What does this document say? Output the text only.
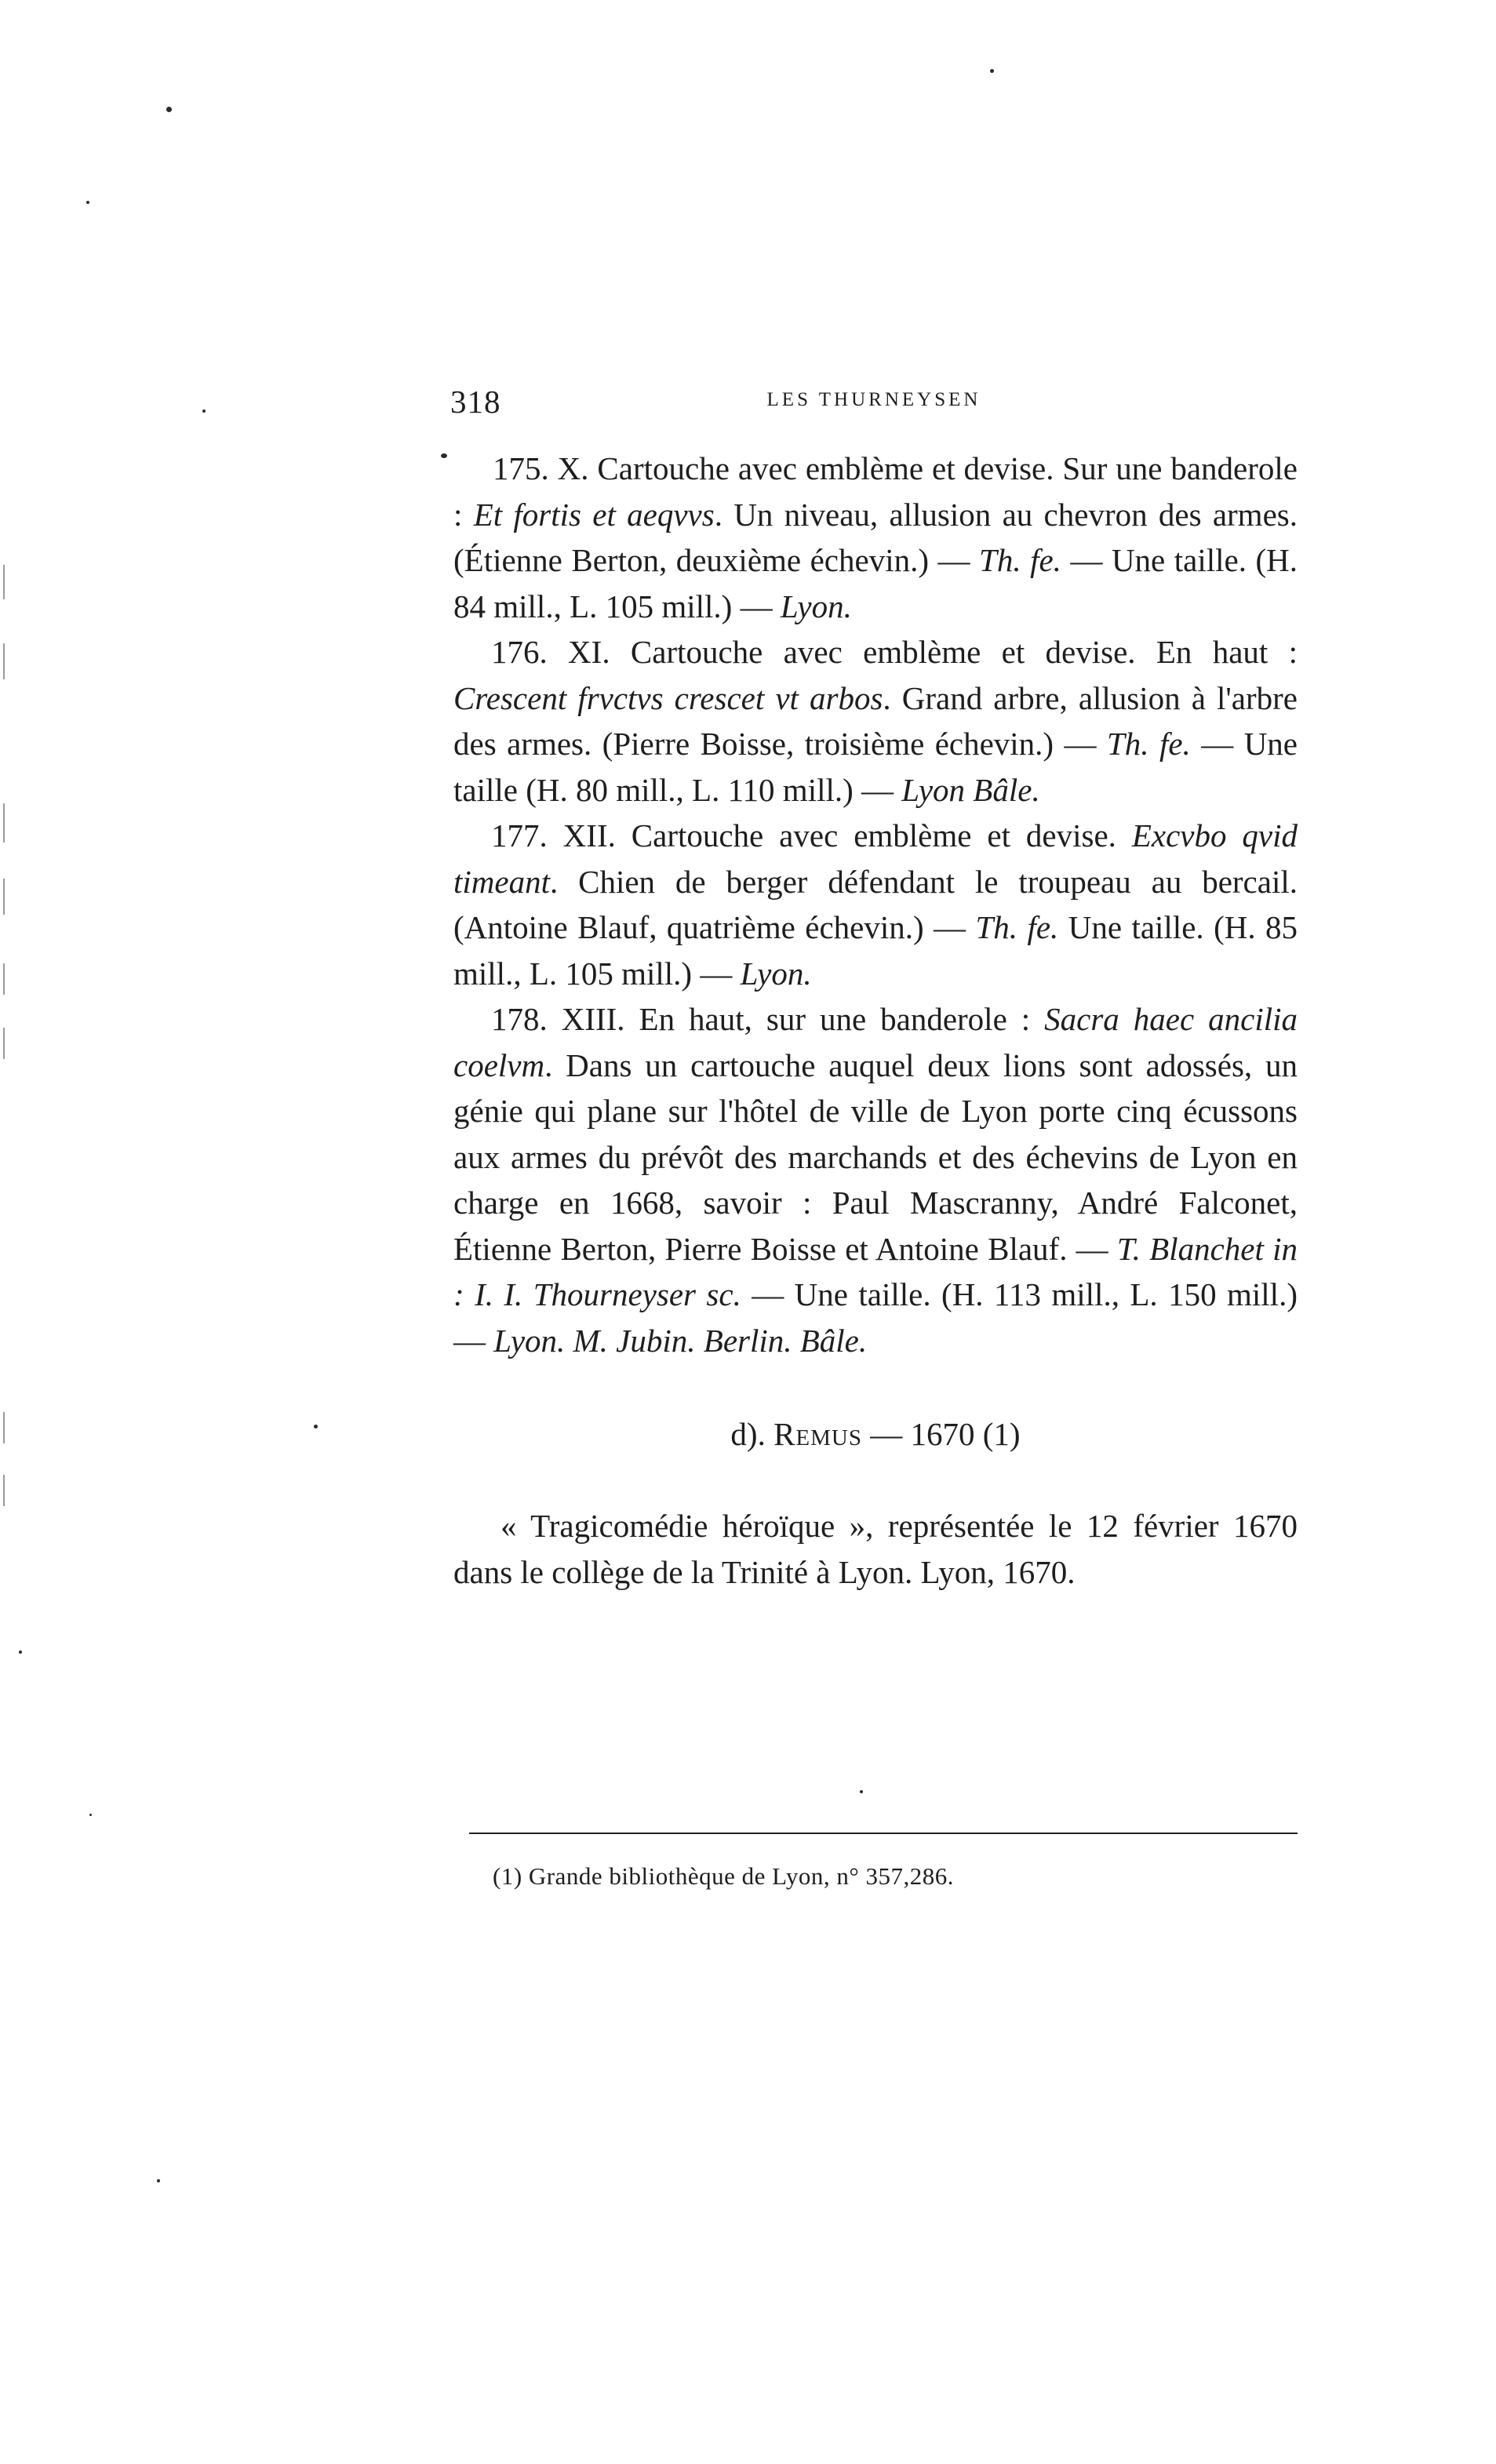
318	LES THURNEYSEN

175. X. Cartouche avec emblème et devise. Sur une banderole : Et fortis et aeqvvs. Un niveau, allusion au chevron des armes. (Étienne Berton, deuxième échevin.) — Th. fe. — Une taille. (H. 84 mill., L. 105 mill.) — Lyon.

176. XI. Cartouche avec emblème et devise. En haut : Crescent frvctvs crescet vt arbos. Grand arbre, allusion à l'arbre des armes. (Pierre Boisse, troisième échevin.) — Th. fe. — Une taille (H. 80 mill., L. 110 mill.) — Lyon Bâle.

177. XII. Cartouche avec emblème et devise. Excvbo qvid timeant. Chien de berger défendant le troupeau au bercail. (Antoine Blauf, quatrième échevin.) — Th. fe. Une taille. (H. 85 mill., L. 105 mill.) — Lyon.

178. XIII. En haut, sur une banderole : Sacra haec ancilia coelvm. Dans un cartouche auquel deux lions sont adossés, un génie qui plane sur l'hôtel de ville de Lyon porte cinq écussons aux armes du prévôt des marchands et des échevins de Lyon en charge en 1668, savoir : Paul Mascranny, André Falconet, Étienne Berton, Pierre Boisse et Antoine Blauf. — T. Blanchet in : I. I. Thourneyser sc. — Une taille. (H. 113 mill., L. 150 mill.) — Lyon. M. Jubin. Berlin. Bâle.

d). Remus — 1670 (1)

« Tragicomédie héroïque », représentée le 12 février 1670 dans le collège de la Trinité à Lyon. Lyon, 1670.

(1) Grande bibliothèque de Lyon, n° 357,286.
